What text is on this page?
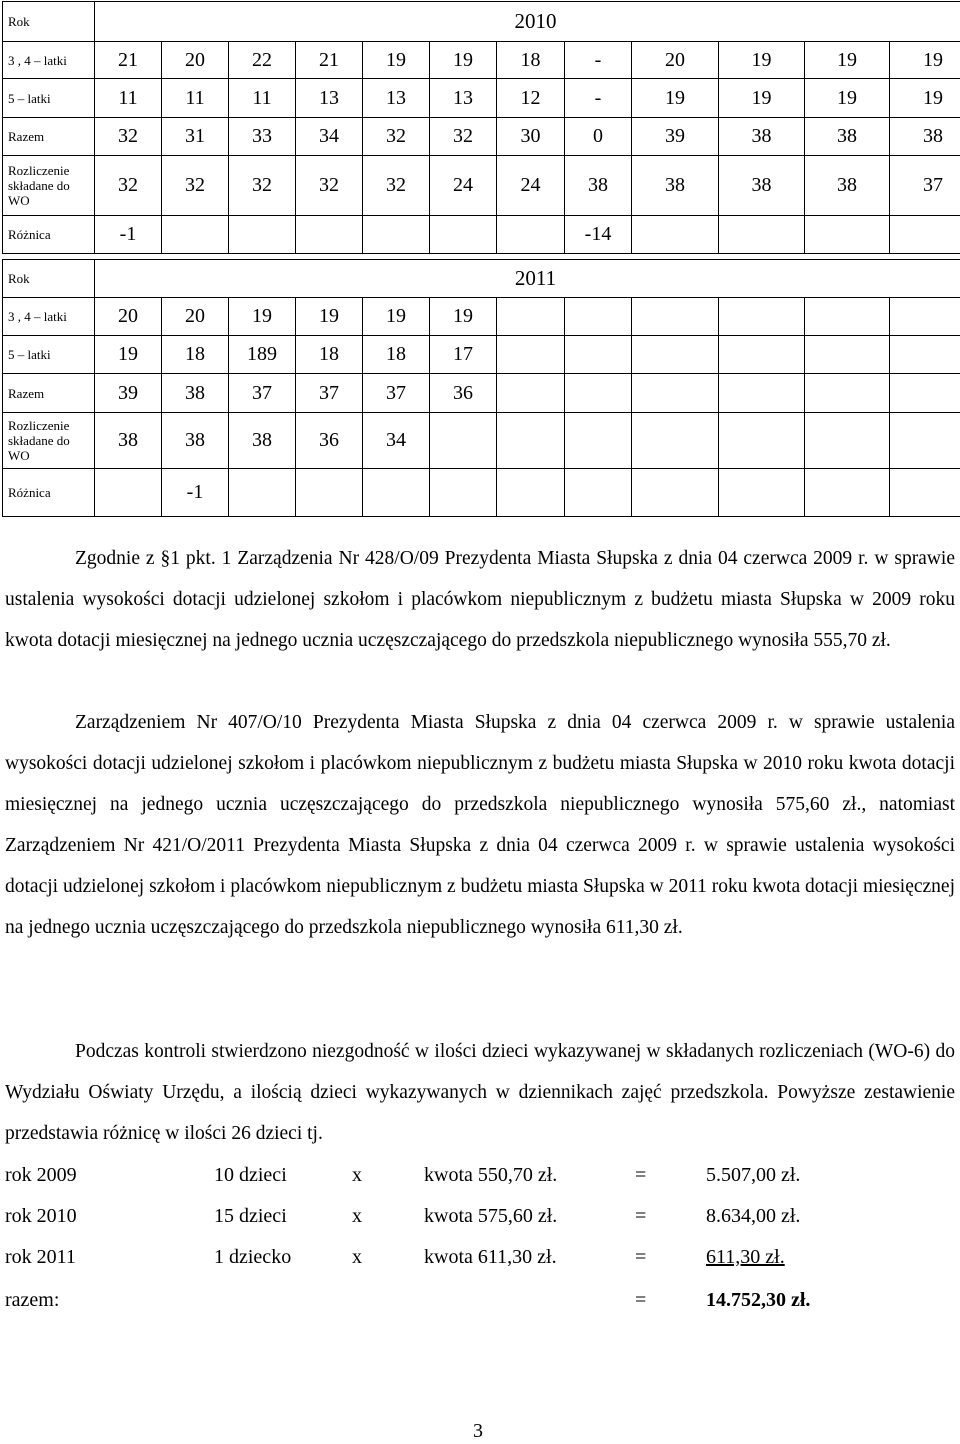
Rok	2010											
3 , 4 – latki	21	20	22	21	19	19	18	-	20	19	19	19
5 – latki	11	11	11	13	13	13	12	-	19	19	19	19
Razem	32	31	33	34	32	32	30	0	39	38	38	38
Rozliczenie składane do WO	32	32	32	32	32	24	24	38	38	38	38	37
Różnica	-1							-14				
Rok	2011											
3 , 4 – latki	20	20	19	19	19	19						
5 – latki	19	18	189	18	18	17						
Razem	39	38	37	37	37	36						
Rozliczenie składane do WO	38	38	38	36	34							
Różnica		-1										

Zgodnie z §1 pkt. 1 Zarządzenia Nr 428/O/09 Prezydenta Miasta Słupska z dnia 04 czerwca 2009 r. w sprawie ustalenia wysokości dotacji udzielonej szkołom i placówkom niepublicznym z budżetu miasta Słupska w 2009 roku kwota dotacji miesięcznej na jednego ucznia uczęszczającego do przedszkola niepublicznego wynosiła 555,70 zł.

Zarządzeniem Nr 407/O/10 Prezydenta Miasta Słupska z dnia 04 czerwca 2009 r. w sprawie ustalenia wysokości dotacji udzielonej szkołom i placówkom niepublicznym z budżetu miasta Słupska w 2010 roku kwota dotacji miesięcznej na jednego ucznia uczęszczającego do przedszkola niepublicznego wynosiła 575,60 zł., natomiast Zarządzeniem Nr 421/O/2011 Prezydenta Miasta Słupska z dnia 04 czerwca 2009 r. w sprawie ustalenia wysokości dotacji udzielonej szkołom i placówkom niepublicznym z budżetu miasta Słupska w 2011 roku kwota dotacji miesięcznej na jednego ucznia uczęszczającego do przedszkola niepublicznego wynosiła 611,30 zł.

Podczas kontroli stwierdzono niezgodność w ilości dzieci wykazywanej w składanych rozliczeniach (WO-6) do Wydziału Oświaty Urzędu, a ilością dzieci wykazywanych w dziennikach zajęć przedszkola. Powyższe zestawienie przedstawia różnicę w ilości 26 dzieci tj.

rok 2009	10 dzieci	x	kwota 550,70 zł.	=	5.507,00 zł.
rok 2010	15 dzieci	x	kwota 575,60 zł.	=	8.634,00 zł.
rok 2011	1 dziecko	x	kwota 611,30 zł.	=	611,30 zł.
razem:	=	14.752,30 zł.
3
